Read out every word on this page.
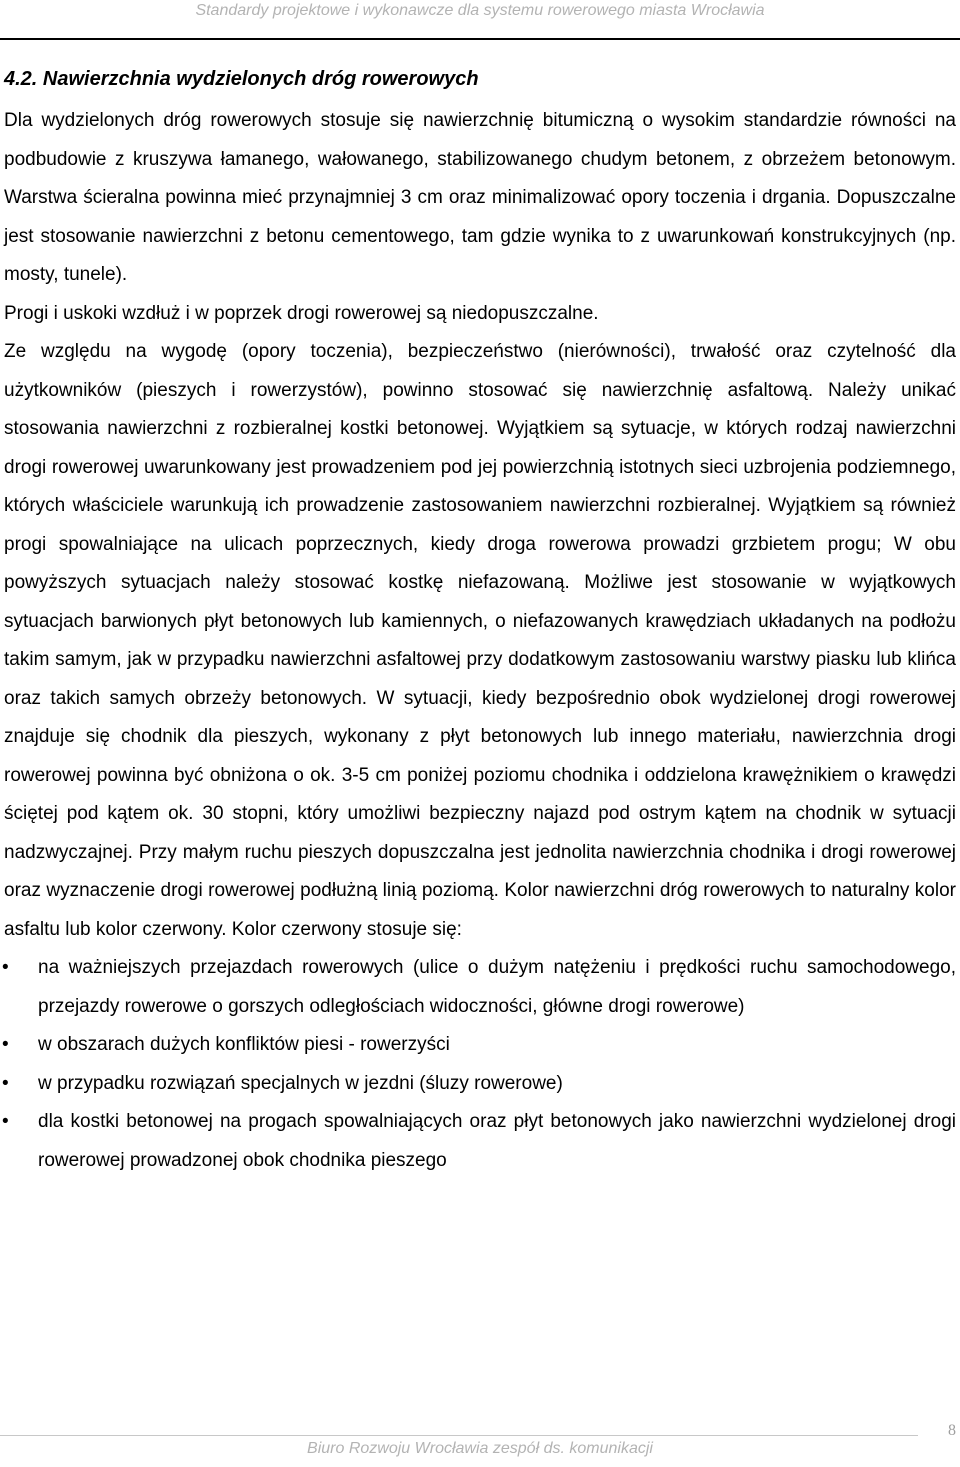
Standardy projektowe i wykonawcze dla systemu rowerowego miasta Wrocławia

4.2. Nawierzchnia wydzielonych dróg rowerowych

Dla wydzielonych dróg rowerowych stosuje się nawierzchnię bitumiczną o wysokim standardzie równości na podbudowie z kruszywa łamanego, wałowanego, stabilizowanego chudym betonem, z obrzeżem betonowym. Warstwa ścieralna powinna mieć przynajmniej 3 cm oraz minimalizować opory toczenia i drgania. Dopuszczalne jest stosowanie nawierzchni z betonu cementowego, tam gdzie wynika to z uwarunkowań konstrukcyjnych (np. mosty, tunele).

Progi i uskoki wzdłuż i w poprzek drogi rowerowej są niedopuszczalne.

Ze względu na wygodę (opory toczenia), bezpieczeństwo (nierówności), trwałość oraz czytelność dla użytkowników (pieszych i rowerzystów), powinno stosować się nawierzchnię asfaltową. Należy unikać stosowania nawierzchni z rozbieralnej kostki betonowej. Wyjątkiem są sytuacje, w których rodzaj nawierzchni drogi rowerowej uwarunkowany jest prowadzeniem pod jej powierzchnią istotnych sieci uzbrojenia podziemnego, których właściciele warunkują ich prowadzenie zastosowaniem nawierzchni rozbieralnej. Wyjątkiem są również progi spowalniające na ulicach poprzecznych, kiedy droga rowerowa prowadzi grzbietem progu; W obu powyższych sytuacjach należy stosować kostkę niefazowaną. Możliwe jest stosowanie w wyjątkowych sytuacjach barwionych płyt betonowych lub kamiennych, o niefazowanych krawędziach układanych na podłożu takim samym, jak w przypadku nawierzchni asfaltowej przy dodatkowym zastosowaniu warstwy piasku lub klińca oraz takich samych obrzeży betonowych. W sytuacji, kiedy bezpośrednio obok wydzielonej drogi rowerowej znajduje się chodnik dla pieszych, wykonany z płyt betonowych lub innego materiału, nawierzchnia drogi rowerowej powinna być obniżona o ok. 3-5 cm poniżej poziomu chodnika i oddzielona krawężnikiem o krawędzi ściętej pod kątem ok. 30 stopni, który umożliwi bezpieczny najazd pod ostrym kątem na chodnik w sytuacji nadzwyczajnej. Przy małym ruchu pieszych dopuszczalna jest jednolita nawierzchnia chodnika i drogi rowerowej oraz wyznaczenie drogi rowerowej podłużną linią poziomą. Kolor nawierzchni dróg rowerowych to naturalny kolor asfaltu lub kolor czerwony. Kolor czerwony stosuje się:

•	na ważniejszych przejazdach rowerowych (ulice o dużym natężeniu i prędkości ruchu samochodowego, przejazdy rowerowe o gorszych odległościach widoczności, główne drogi rowerowe)
•	w obszarach dużych konfliktów piesi - rowerzyści
•	w przypadku rozwiązań specjalnych w jezdni (śluzy rowerowe)
•	dla kostki betonowej na progach spowalniających oraz płyt betonowych jako nawierzchni wydzielonej drogi rowerowej prowadzonej obok chodnika pieszego

8

Biuro Rozwoju Wrocławia zespół ds. komunikacji
